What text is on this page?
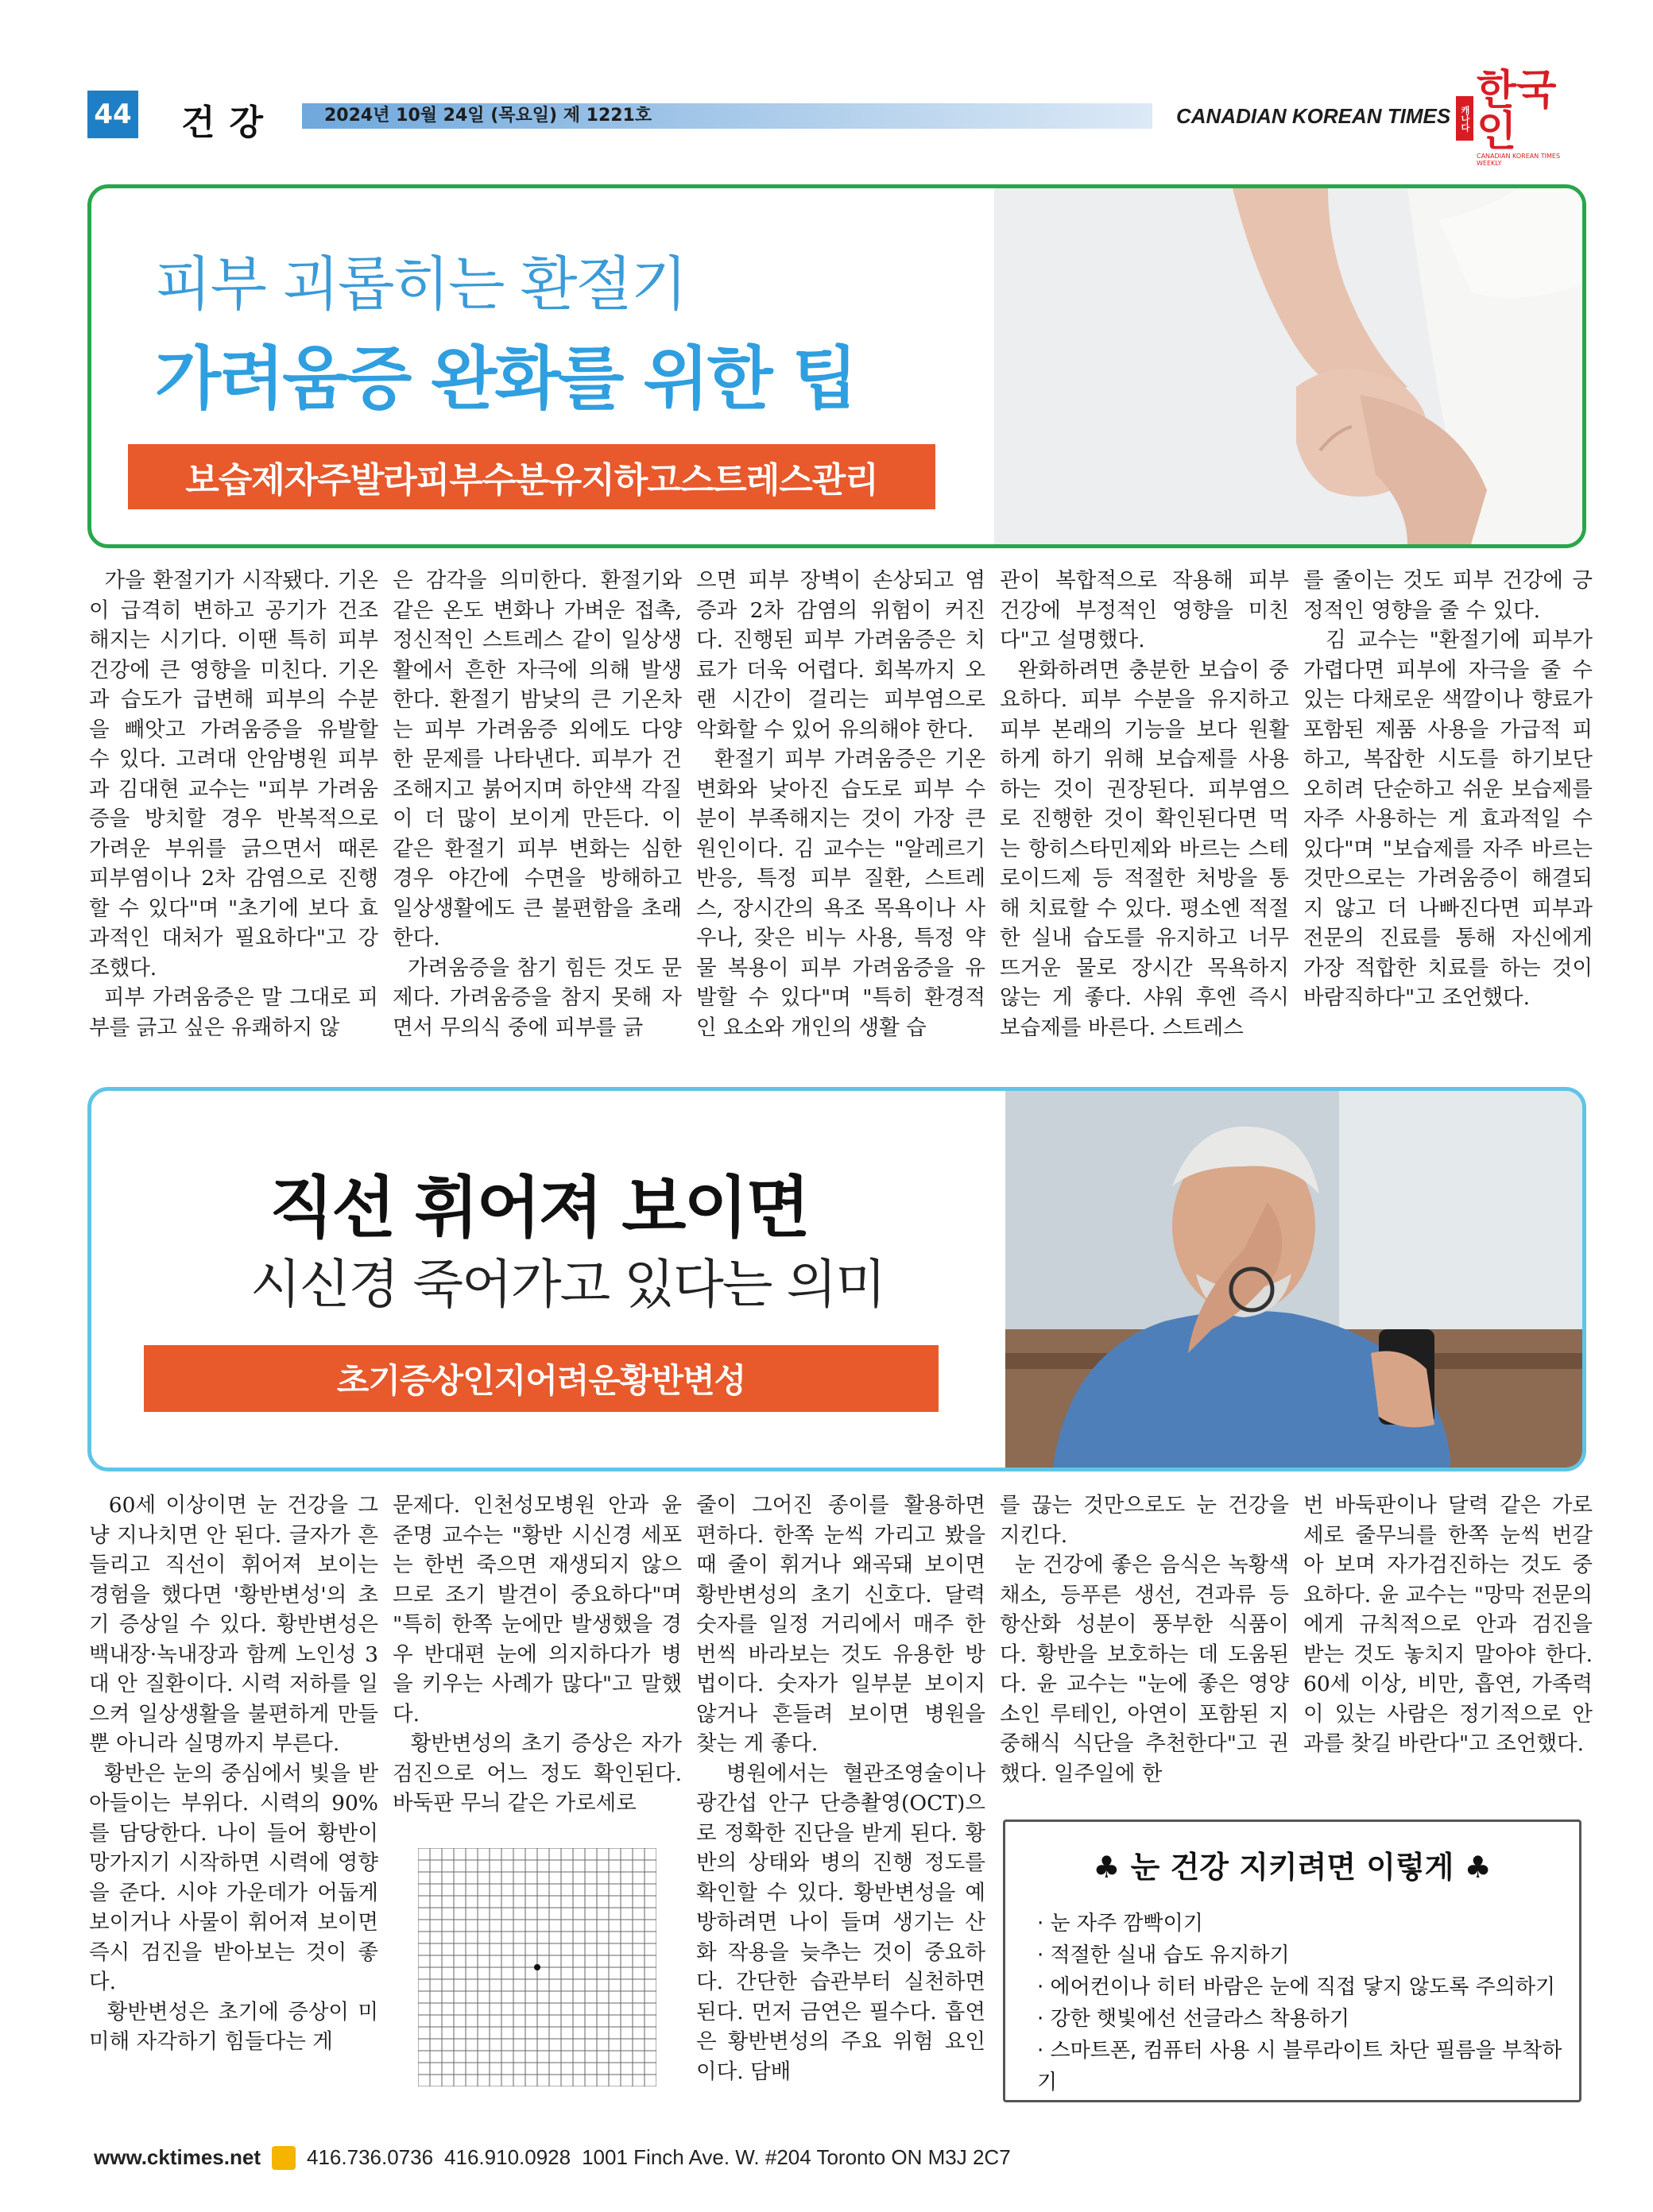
44 건강	2024년 10월 24일 (목요일) 제 1221호	CANADIAN KOREAN TIMES	캐나다
한국인
CANADIAN KOREAN TIMES WEEKLY
피부 괴롭히는 환절기
가려움증 완화를 위한 팁
보습제자주발라피부수분유지하고스트레스관리

가을 환절기가 시작됐다. 기온이 급격히 변하고 공기가 건조해지는 시기다. 이땐 특히 피부 건강에 큰 영향을 미친다. 기온과 습도가 급변해 피부의 수분을 빼앗고 가려움증을 유발할 수 있다. 고려대 안암병원 피부과 김대현 교수는 "피부 가려움증을 방치할 경우 반복적으로 가려운 부위를 긁으면서 때론 피부염이나 2차 감염으로 진행할 수 있다"며 "초기에 보다 효과적인 대처가 필요하다"고 강조했다.
피부 가려움증은 말 그대로 피부를 긁고 싶은 유쾌하지 않

은 감각을 의미한다. 환절기와 같은 온도 변화나 가벼운 접촉, 정신적인 스트레스 같이 일상생활에서 흔한 자극에 의해 발생한다. 환절기 밤낮의 큰 기온차는 피부 가려움증 외에도 다양한 문제를 나타낸다. 피부가 건조해지고 붉어지며 하얀색 각질이 더 많이 보이게 만든다. 이 같은 환절기 피부 변화는 심한 경우 야간에 수면을 방해하고 일상생활에도 큰 불편함을 초래한다.
가려움증을 참기 힘든 것도 문제다. 가려움증을 참지 못해 자면서 무의식 중에 피부를 긁

으면 피부 장벽이 손상되고 염증과 2차 감염의 위험이 커진다. 진행된 피부 가려움증은 치료가 더욱 어렵다. 회복까지 오랜 시간이 걸리는 피부염으로 악화할 수 있어 유의해야 한다.
환절기 피부 가려움증은 기온 변화와 낮아진 습도로 피부 수분이 부족해지는 것이 가장 큰 원인이다. 김 교수는 "알레르기 반응, 특정 피부 질환, 스트레스, 장시간의 욕조 목욕이나 사우나, 잦은 비누 사용, 특정 약물 복용이 피부 가려움증을 유발할 수 있다"며 "특히 환경적인 요소와 개인의 생활 습

관이 복합적으로 작용해 피부 건강에 부정적인 영향을 미친다"고 설명했다.
완화하려면 충분한 보습이 중요하다. 피부 수분을 유지하고 피부 본래의 기능을 보다 원활하게 하기 위해 보습제를 사용하는 것이 권장된다. 피부염으로 진행한 것이 확인된다면 먹는 항히스타민제와 바르는 스테로이드제 등 적절한 처방을 통해 치료할 수 있다. 평소엔 적절한 실내 습도를 유지하고 너무 뜨거운 물로 장시간 목욕하지 않는 게 좋다. 샤워 후엔 즉시 보습제를 바른다. 스트레스

를 줄이는 것도 피부 건강에 긍정적인 영향을 줄 수 있다.
김 교수는 "환절기에 피부가 가렵다면 피부에 자극을 줄 수 있는 다채로운 색깔이나 향료가 포함된 제품 사용을 가급적 피하고, 복잡한 시도를 하기보단 오히려 단순하고 쉬운 보습제를 자주 사용하는 게 효과적일 수 있다"며 "보습제를 자주 바르는 것만으로는 가려움증이 해결되지 않고 더 나빠진다면 피부과 전문의 진료를 통해 자신에게 가장 적합한 치료를 하는 것이 바람직하다"고 조언했다.

직선 휘어져 보이면
시신경 죽어가고 있다는 의미
초기증상인지어려운황반변성

60세 이상이면 눈 건강을 그냥 지나치면 안 된다. 글자가 흔들리고 직선이 휘어져 보이는 경험을 했다면 '황반변성'의 초기 증상일 수 있다. 황반변성은 백내장·녹내장과 함께 노인성 3대 안 질환이다. 시력 저하를 일으켜 일상생활을 불편하게 만들 뿐 아니라 실명까지 부른다.
황반은 눈의 중심에서 빛을 받아들이는 부위다. 시력의 90%를 담당한다. 나이 들어 황반이 망가지기 시작하면 시력에 영향을 준다. 시야 가운데가 어둡게 보이거나 사물이 휘어져 보이면 즉시 검진을 받아보는 것이 좋다.
황반변성은 초기에 증상이 미미해 자각하기 힘들다는 게

문제다. 인천성모병원 안과 윤준명 교수는 "황반 시신경 세포는 한번 죽으면 재생되지 않으므로 조기 발견이 중요하다"며 "특히 한쪽 눈에만 발생했을 경우 반대편 눈에 의지하다가 병을 키우는 사례가 많다"고 말했다.
황반변성의 초기 증상은 자가검진으로 어느 정도 확인된다. 바둑판 무늬 같은 가로세로

줄이 그어진 종이를 활용하면 편하다. 한쪽 눈씩 가리고 봤을 때 줄이 휘거나 왜곡돼 보이면 황반변성의 초기 신호다. 달력 숫자를 일정 거리에서 매주 한 번씩 바라보는 것도 유용한 방법이다. 숫자가 일부분 보이지 않거나 흔들려 보이면 병원을 찾는 게 좋다.
병원에서는 혈관조영술이나 광간섭 안구 단층촬영(OCT)으로 정확한 진단을 받게 된다. 황반의 상태와 병의 진행 정도를 확인할 수 있다. 황반변성을 예방하려면 나이 들며 생기는 산화 작용을 늦추는 것이 중요하다. 간단한 습관부터 실천하면 된다. 먼저 금연은 필수다. 흡연은 황반변성의 주요 위험 요인이다. 담배

를 끊는 것만으로도 눈 건강을 지킨다.
눈 건강에 좋은 음식은 녹황색 채소, 등푸른 생선, 견과류 등 항산화 성분이 풍부한 식품이다. 황반을 보호하는 데 도움된다. 윤 교수는 "눈에 좋은 영양소인 루테인, 아연이 포함된 지중해식 식단을 추천한다"고 권했다. 일주일에 한

번 바둑판이나 달력 같은 가로세로 줄무늬를 한쪽 눈씩 번갈아 보며 자가검진하는 것도 중요하다. 윤 교수는 "망막 전문의에게 규칙적으로 안과 검진을 받는 것도 놓치지 말아야 한다. 60세 이상, 비만, 흡연, 가족력이 있는 사람은 정기적으로 안과를 찾길 바란다"고 조언했다.

♣ 눈 건강 지키려면 이렇게 ♣
· 눈 자주 깜빡이기
· 적절한 실내 습도 유지하기
· 에어컨이나 히터 바람은 눈에 직접 닿지 않도록 주의하기
· 강한 햇빛에선 선글라스 착용하기
· 스마트폰, 컴퓨터 사용 시 블루라이트 차단 필름을 부착하기
www.cktimes.net 416.736.0736 416.910.0928 1001 Finch Ave. W. #204 Toronto ON M3J 2C7
